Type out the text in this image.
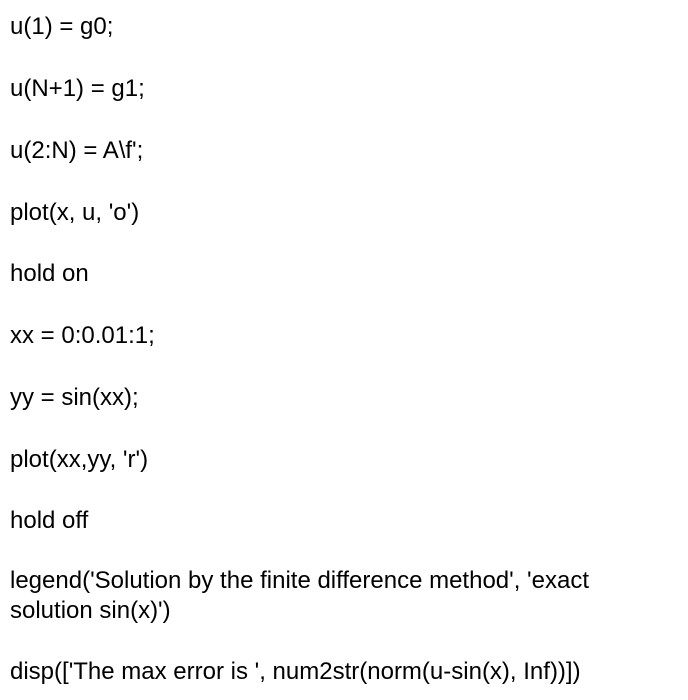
u(1) = g0;
u(N+1) = g1;
u(2:N) = A\f';
plot(x, u, 'o')
hold on
xx = 0:0.01:1;
yy = sin(xx);
plot(xx,yy, 'r')
hold off
legend('Solution by the finite difference method', 'exact solution sin(x)')
disp(['The max error is ', num2str(norm(u-sin(x), Inf))])
